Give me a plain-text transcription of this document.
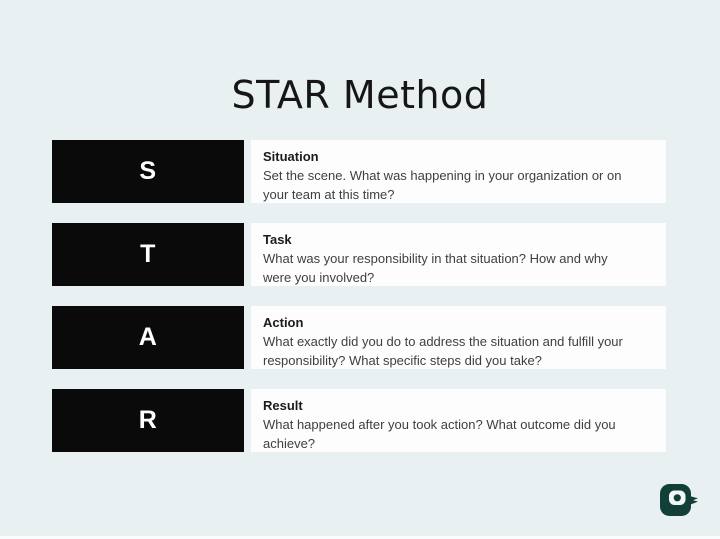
STAR Method
S
Situation

Set the scene. What was happening in your organization or on your team at this time?

T
Task

What was your responsibility in that situation? How and why were you involved?

A
Action

What exactly did you do to address the situation and fulfill your responsibility? What specific steps did you take?

R
Result

What happened after you took action? What outcome did you achieve?
